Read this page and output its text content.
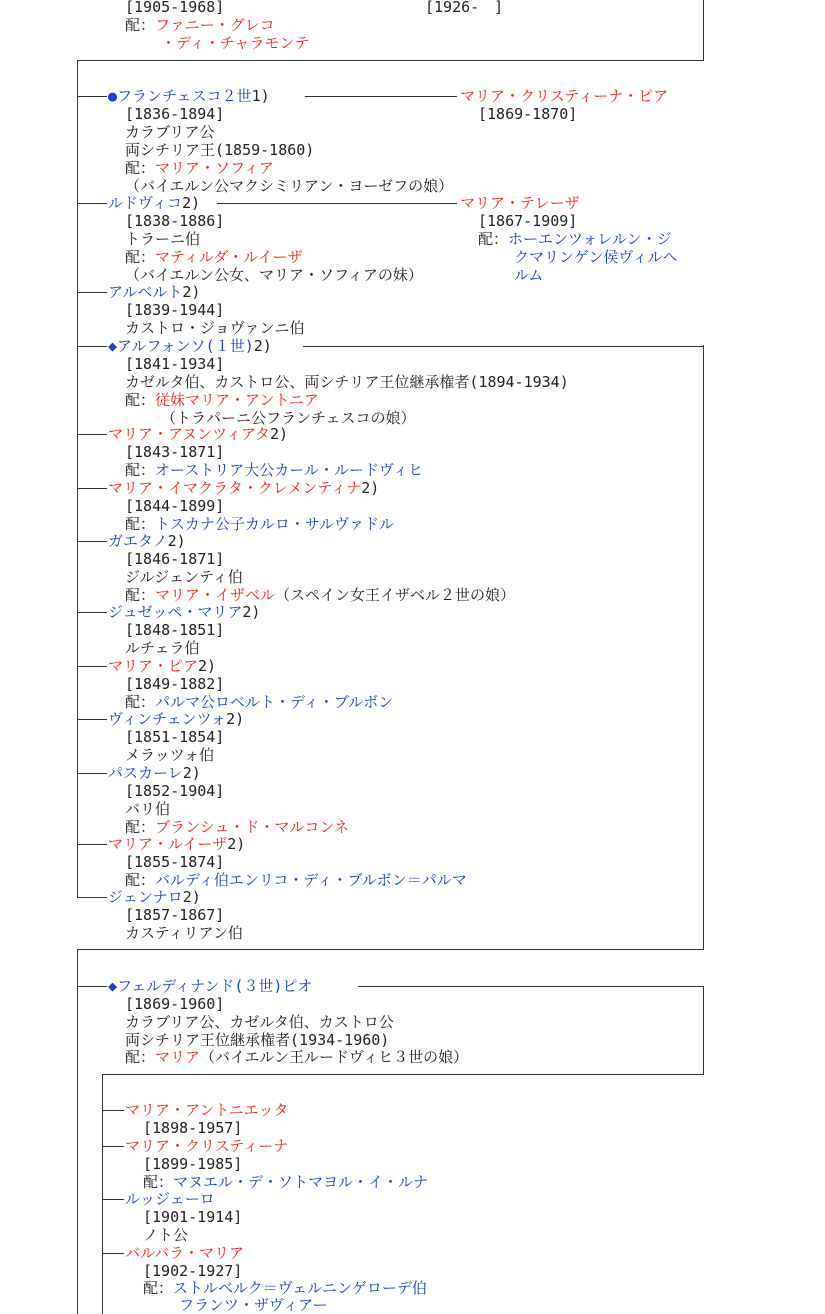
[1905-1968]	[1926-　]
配：ファニー・グレコ
・ディ・チャラモンテ
●フランチェスコ２世1)
[1836-1894]
カラブリア公
両シチリア王(1859-1860)
配：マリア・ソフィア
（バイエルン公マクシミリアン・ヨーゼフの娘）
マリア・クリスティーナ・ピア
[1869-1870]
ルドヴィコ2)
[1838-1886]
トラーニ伯
配：マティルダ・ルイーザ
（バイエルン公女、マリア・ソフィアの妹）
マリア・テレーザ
[1867-1909]
配：ホーエンツォレルン・ジ
クマリンゲン侯ヴィルヘ
ルム
アルベルト2)
[1839-1944]
カストロ・ジョヴァンニ伯
◆アルフォンソ(１世)2)
[1841-1934]
カゼルタ伯、カストロ公、両シチリア王位継承権者(1894-1934)
配：従妹マリア・アントニア
（トラパーニ公フランチェスコの娘）
マリア・アヌンツィアタ2)
[1843-1871]
配：オーストリア大公カール・ルードヴィヒ
マリア・イマクラタ・クレメンティナ2)
[1844-1899]
配：トスカナ公子カルロ・サルヴァドル
ガエタノ2)
[1846-1871]
ジルジェンティ伯
配：マリア・イザベル（スペイン女王イザベル２世の娘）
ジュゼッペ・マリア2)
[1848-1851]
ルチェラ伯
マリア・ピア2)
[1849-1882]
配：パルマ公ロベルト・ディ・ブルボン
ヴィンチェンツォ2)
[1851-1854]
メラッツォ伯
パスカーレ2)
[1852-1904]
バリ伯
配：ブランシュ・ド・マルコンネ
マリア・ルイーザ2)
[1855-1874]
配：バルディ伯エンリコ・ディ・ブルボン＝パルマ
ジェンナロ2)
[1857-1867]
カスティリアン伯
◆フェルディナンド(３世)ピオ
[1869-1960]
カラブリア公、カゼルタ伯、カストロ公
両シチリア王位継承権者(1934-1960)
配：マリア（バイエルン王ルードヴィヒ３世の娘）
マリア・アントニエッタ
[1898-1957]
マリア・クリスティーナ
[1899-1985]
配：マヌエル・デ・ソトマヨル・イ・ルナ
ルッジェーロ
[1901-1914]
ノト公
バルバラ・マリア
[1902-1927]
配：ストルベルク＝ヴェルニンゲローデ伯
フランツ・ザヴィアー
